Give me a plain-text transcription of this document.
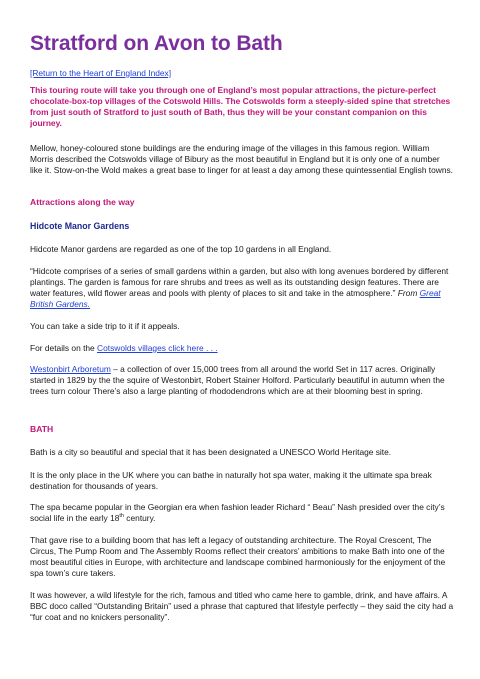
Stratford on Avon to Bath

[Return to the Heart of England Index]

This touring route will take you through one of England’s most popular attractions, the picture-perfect chocolate-box-top villages of the Cotswold Hills. The Cotswolds form a steeply-sided spine that stretches from just south of Stratford to just south of Bath, thus they will be your constant companion on this journey.

Mellow, honey-coloured stone buildings are the enduring image of the villages in this famous region. William Morris described the Cotswolds village of Bibury as the most beautiful in England but it is only one of a number like it. Stow-on-the Wold makes a great base to linger for at least a day among these quintessential English towns.

Attractions along the way

Hidcote Manor Gardens

Hidcote Manor gardens are regarded as one of the top 10 gardens in all England.

“Hidcote comprises of a series of small gardens within a garden, but also with long avenues bordered by different plantings. The garden is famous for rare shrubs and trees as well as its outstanding design features. There are water features, wild flower areas and pools with plenty of places to sit and take in the atmosphere.” From Great British Gardens.

You can take a side trip to it if it appeals.

For details on the Cotswolds villages click here . . .

Westonbirt Arboretum – a collection of over 15,000 trees from all around the world Set in 117 acres. Originally started in 1829 by the the squire of Westonbirt, Robert Stainer Holford. Particularly beautiful in autumn when the trees turn colour There’s also a large planting of rhododendrons which are at their blooming best in spring.

BATH

Bath is a city so beautiful and special that it has been designated a UNESCO World Heritage site.

It is the only place in the UK where you can bathe in naturally hot spa water, making it the ultimate spa break destination for thousands of years.

The spa became popular in the Georgian era when fashion leader Richard “ Beau” Nash presided over the city’s social life in the early 18th century.

That gave rise to a building boom that has left a legacy of outstanding architecture. The Royal Crescent, The Circus, The Pump Room and The Assembly Rooms reflect their creators’ ambitions to make Bath into one of the most beautiful cities in Europe, with architecture and landscape combined harmoniously for the enjoyment of the spa town’s cure takers.

It was however, a wild lifestyle for the rich, famous and titled who came here to gamble, drink, and have affairs. A BBC doco called “Outstanding Britain” used a phrase that captured that lifestyle perfectly – they said the city had a “fur coat and no knickers personality”.
